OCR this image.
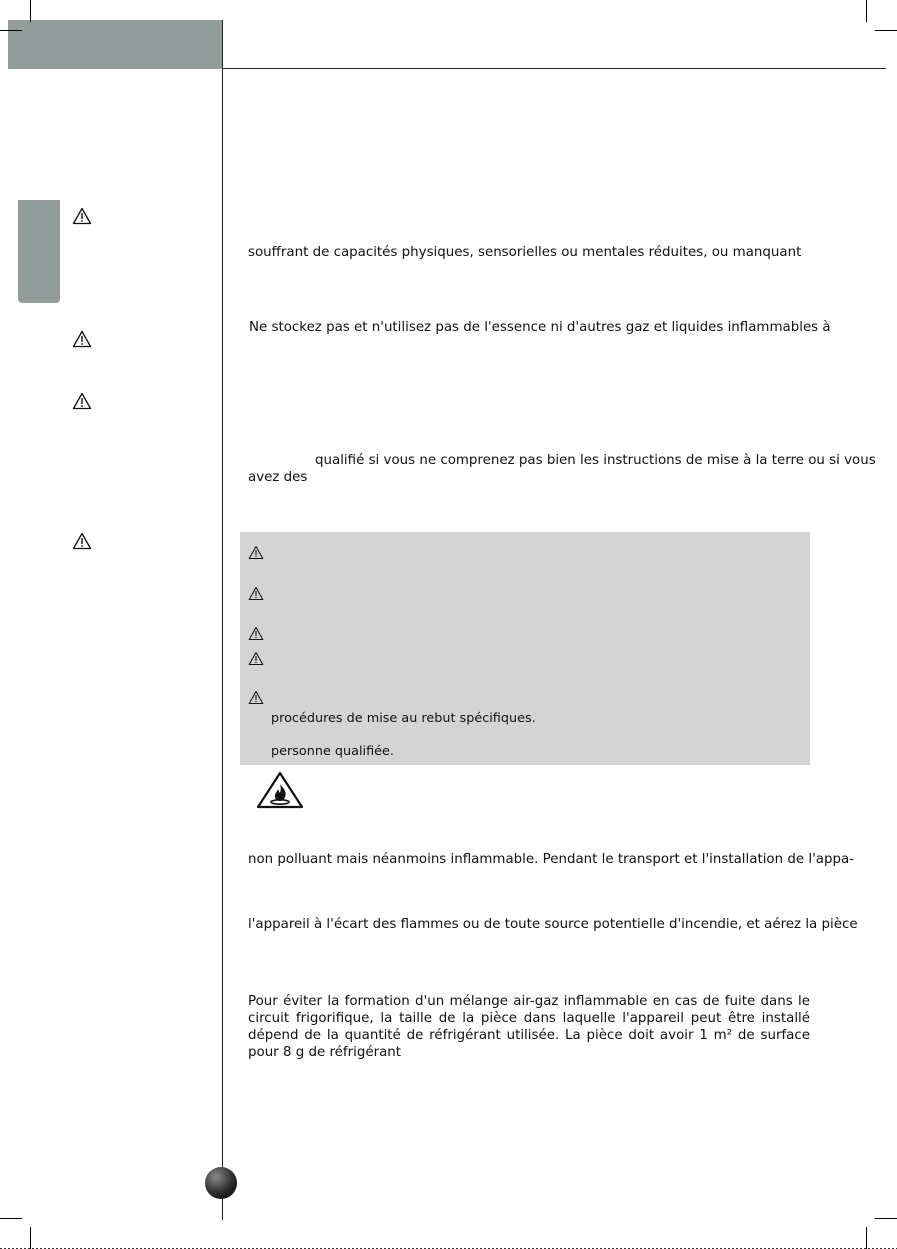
souffrant de capacités physiques, sensorielles ou mentales réduites, ou manquant
Ne stockez pas et n'utilisez pas de l'essence ni d'autres gaz et liquides inflammables à
qualifié si vous ne comprenez pas bien les instructions de mise à la terre ou si vous
avez des
procédures de mise au rebut spécifiques.
personne qualifiée.
non polluant mais néanmoins inflammable. Pendant le transport et l'installation de l'appa-
l'appareil à l'écart des flammes ou de toute source potentielle d'incendie, et aérez la pièce
Pour éviter la formation d'un mélange air-gaz inflammable en cas de fuite dans le circuit frigorifique, la taille de la pièce dans laquelle l'appareil peut être installé dépend de la quantité de réfrigérant utilisée. La pièce doit avoir 1 m² de surface pour 8 g de réfrigérant
